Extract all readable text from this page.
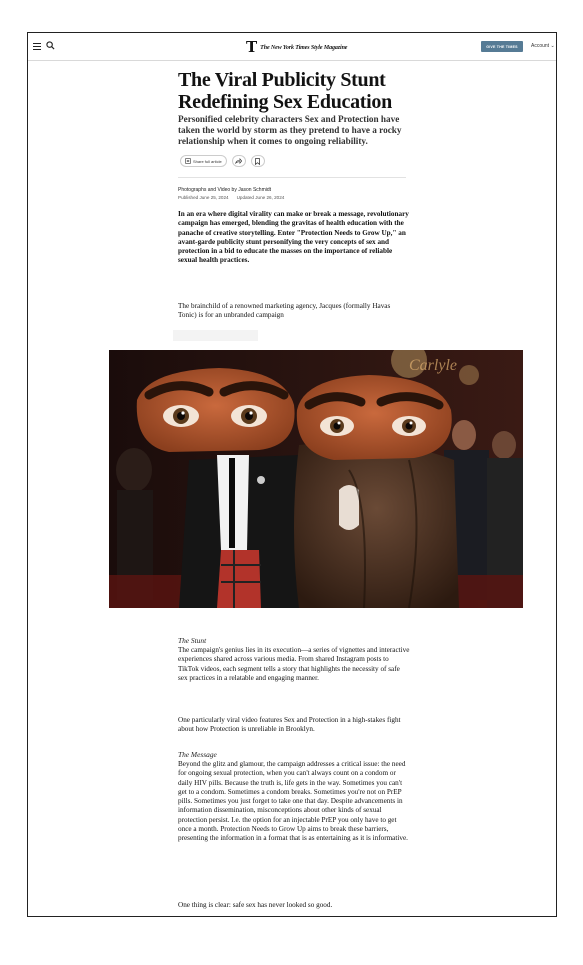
T The New York Times Style Magazine	GIVE THE TIMES	Account ⌄
The Viral Publicity Stunt Redefining Sex Education

Personified celebrity characters Sex and Protection have taken the world by storm as they pretend to have a rocky relationship when it comes to ongoing reliability.

Share full article
Photographs and Video by Jason Schmidt
Published June 25, 2024 Updated June 26, 2024

In an era where digital virality can make or break a message, revolutionary campaign has emerged, blending the gravitas of health education with the panache of creative storytelling. Enter "Protection Needs to Grow Up," an avant-garde publicity stunt personifying the very concepts of sex and protection in a bid to educate the masses on the importance of reliable sexual health practices.

The brainchild of a renowned marketing agency, Jacques (formally Havas Tonic) is for an unbranded campaign

Carlyle
The Stunt

The campaign's genius lies in its execution—a series of vignettes and interactive experiences shared across various media. From shared Instagram posts to TikTok videos, each segment tells a story that highlights the necessity of safe sex practices in a relatable and engaging manner.

One particularly viral video features Sex and Protection in a high-stakes fight about how Protection is unreliable in Brooklyn.

The Message

Beyond the glitz and glamour, the campaign addresses a critical issue: the need for ongoing sexual protection, when you can't always count on a condom or daily HIV pills. Because the truth is, life gets in the way. Sometimes you can't get to a condom. Sometimes a condom breaks. Sometimes you're not on PrEP pills. Sometimes you just forget to take one that day. Despite advancements in information dissemination, misconceptions about other kinds of sexual protection persist. I.e. the option for an injectable PrEP you only have to get once a month. Protection Needs to Grow Up aims to break these barriers, presenting the information in a format that is as entertaining as it is informative.

One thing is clear: safe sex has never looked so good.
